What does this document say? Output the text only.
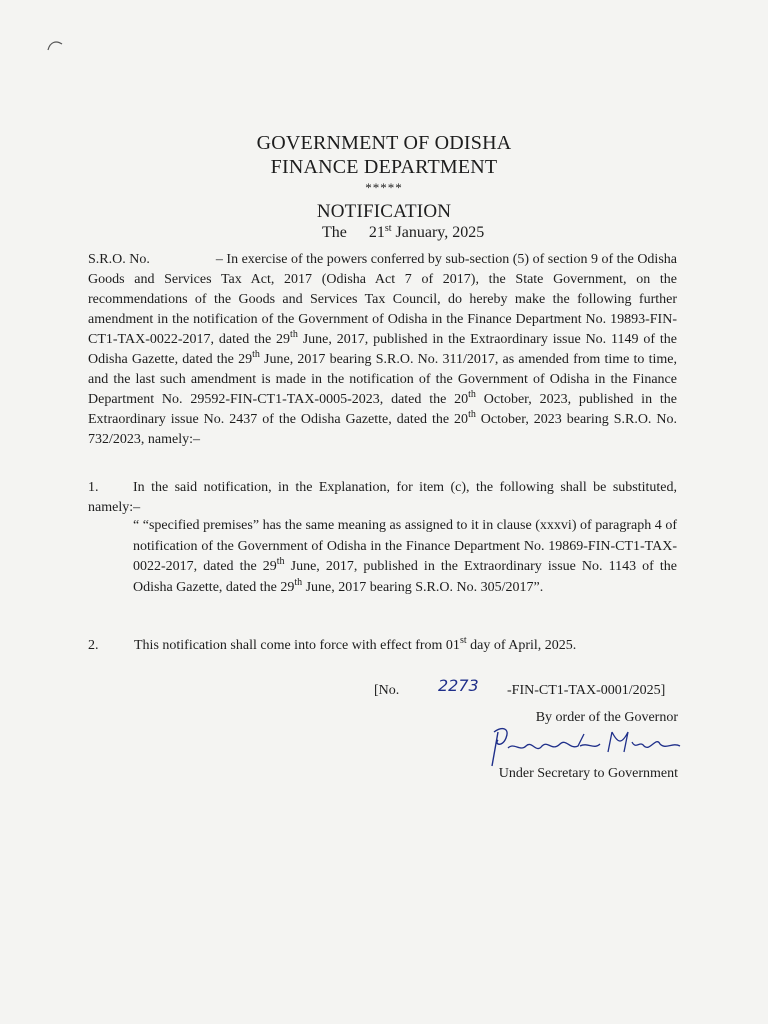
GOVERNMENT OF ODISHA
FINANCE DEPARTMENT
*****
NOTIFICATION
The 21st January, 2025
S.R.O. No.	– In exercise of the powers conferred by sub-section (5) of section 9 of the Odisha Goods and Services Tax Act, 2017 (Odisha Act 7 of 2017), the State Government, on the recommendations of the Goods and Services Tax Council, do hereby make the following further amendment in the notification of the Government of Odisha in the Finance Department No. 19893-FIN-CT1-TAX-0022-2017, dated the 29th June, 2017, published in the Extraordinary issue No. 1149 of the Odisha Gazette, dated the 29th June, 2017 bearing S.R.O. No. 311/2017, as amended from time to time, and the last such amendment is made in the notification of the Government of Odisha in the Finance Department No. 29592-FIN-CT1-TAX-0005-2023, dated the 20th October, 2023, published in the Extraordinary issue No. 2437 of the Odisha Gazette, dated the 20th October, 2023 bearing S.R.O. No. 732/2023, namely:–
1.	In the said notification, in the Explanation, for item (c), the following shall be substituted, namely:–
“ “specified premises” has the same meaning as assigned to it in clause (xxxvi) of paragraph 4 of notification of the Government of Odisha in the Finance Department No. 19869-FIN-CT1-TAX-0022-2017, dated the 29th June, 2017, published in the Extraordinary issue No. 1143 of the Odisha Gazette, dated the 29th June, 2017 bearing S.R.O. No. 305/2017”.
2.	This notification shall come into force with effect from 01st day of April, 2025.
[No. 2273 -FIN-CT1-TAX-0001/2025]
By order of the Governor
Under Secretary to Government
